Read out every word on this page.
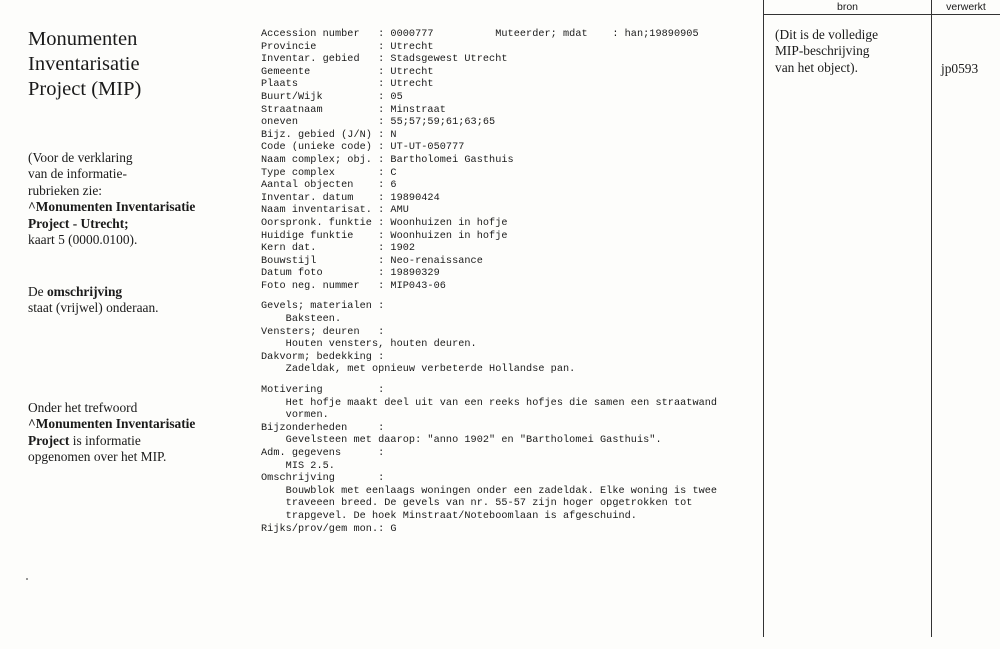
Monumenten
Inventarisatie
Project (MIP)
(Voor de verklaring
van de informatie-
rubrieken zie:
^Monumenten Inventarisatie
Project - Utrecht;
kaart 5 (0000.0100).
De omschrijving
staat (vrijwel) onderaan.
Onder het trefwoord
^Monumenten Inventarisatie
Project is informatie
opgenomen over het MIP.
Accession number   : 0000777          Muteerder; mdat    : han;19890905
Provincie          : Utrecht
Inventar. gebied   : Stadsgewest Utrecht
Gemeente           : Utrecht
Plaats             : Utrecht
Buurt/Wijk         : 05
Straatnaam         : Minstraat
oneven             : 55;57;59;61;63;65
Bijz. gebied (J/N) : N
Code (unieke code) : UT-UT-050777
Naam complex; obj. : Bartholomei Gasthuis
Type complex       : C
Aantal objecten    : 6
Inventar. datum    : 19890424
Naam inventarisat. : AMU
Oorspronk. funktie : Woonhuizen in hofje
Huidige funktie    : Woonhuizen in hofje
Kern dat.          : 1902
Bouwstijl          : Neo-renaissance
Datum foto         : 19890329
Foto neg. nummer   : MIP043-06
Gevels; materialen :
Baksteen.
Vensters; deuren   :
Houten vensters, houten deuren.
Dakvorm; bedekking :
Zadeldak, met opnieuw verbeterde Hollandse pan.
Motivering         :
Het hofje maakt deel uit van een reeks hofjes die samen een straatwand
vormen.
Bijzonderheden     :
Gevelsteen met daarop: "anno 1902" en "Bartholomei Gasthuis".
Adm. gegevens      :
MIS 2.5.
Omschrijving       :
Bouwblok met eenlaags woningen onder een zadeldak. Elke woning is twee
traveeen breed. De gevels van nr. 55-57 zijn hoger opgetrokken tot
trapgevel. De hoek Minstraat/Noteboomlaan is afgeschuind.
Rijks/prov/gem mon.: G
bron	verwerkt
(Dit is de volledige
MIP-beschrijving
van het object).	jp0593
